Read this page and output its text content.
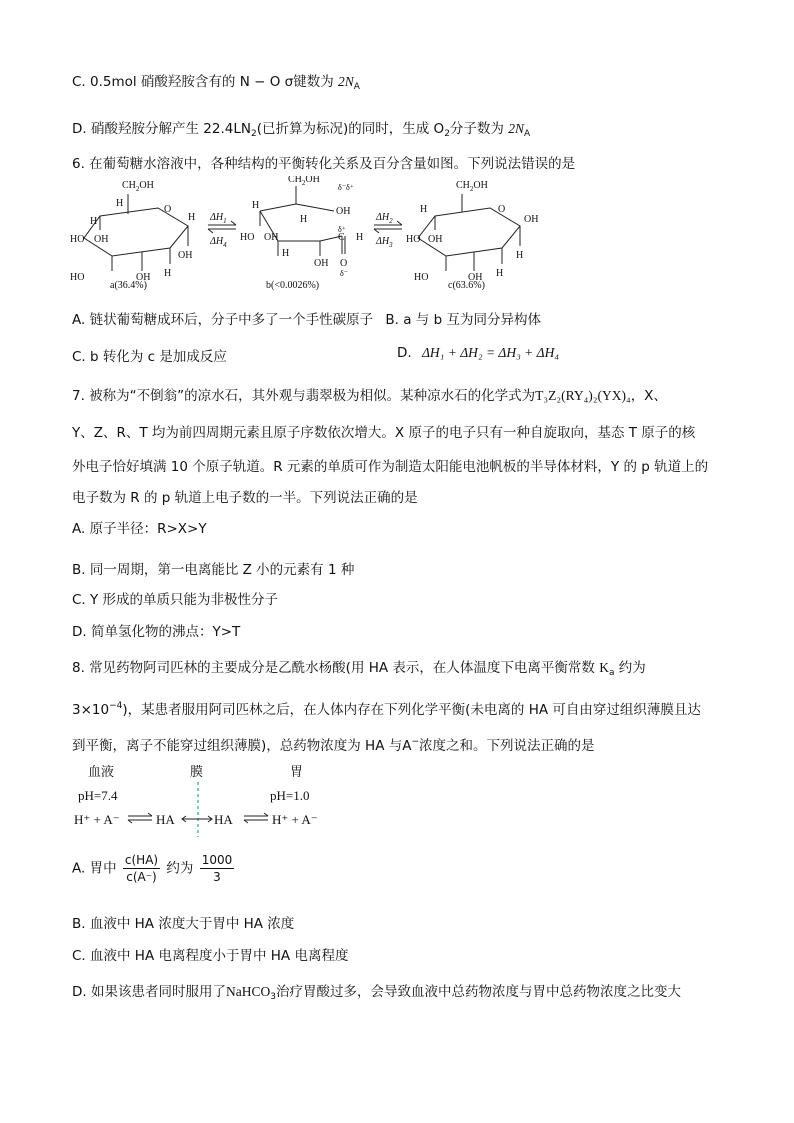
C. 0.5mol 硝酸羟胺含有的 N − O σ键数为 $2N_A$
D. 硝酸羟胺分解产生 $22.4LN_2$(已折算为标况)的同时，生成 $O_2$分子数为 $2N_A$
6. 在葡萄糖水溶液中，各种结构的平衡转化关系及百分含量如图。下列说法错误的是
$CH_2OH$
O
H
HO OH
HO	OH H
OH
H
H
a(36.4%)
$\Delta H_1$
$\Delta H_4$
$\Delta H_2$
$\Delta H_3$
$CH_2OH$
δ⁻δ⁺
OH
H
H
HO OH
H
OH
δ⁺
C H
O
δ⁻
b(<0.0026%)
$CH_2OH$
O
H
HO OH
HO	OH H
H
OH
c(63.6%)
A. 链状葡萄糖成环后，分子中多了一个手性碳原子 B. a 与 b 互为同分异构体
C. b 转化为 c 是加成反应	D. ΔH₁ + ΔH₂ = ΔH₃ + ΔH₄
7. 被称为“不倒翁”的凉水石，其外观与翡翠极为相似。某种凉水石的化学式为T₃Z₂(RY₄)₂(YX)₄，X、
Y、Z、R、T 均为前四周期元素且原子序数依次增大。X 原子的电子只有一种自旋取向，基态 T 原子的核
外电子恰好填满 10 个原子轨道。R 元素的单质可作为制造太阳能电池帆板的半导体材料，Y 的 p 轨道上的
电子数为 R 的 p 轨道上电子数的一半。下列说法正确的是
A. 原子半径：R>X>Y
B. 同一周期，第一电离能比 Z 小的元素有 1 种
C. Y 形成的单质只能为非极性分子
D. 简单氢化物的沸点：Y>T
8. 常见药物阿司匹林的主要成分是乙酰水杨酸(用 HA 表示，在人体温度下电离平衡常数 $K_a$ 约为
$3\times 10^{-4}$)，某患者服用阿司匹林之后，在人体内存在下列化学平衡(未电离的 HA 可自由穿过组织薄膜且达
到平衡，离子不能穿过组织薄膜)，总药物浓度为 HA 与A−浓度之和。下列说法正确的是
血液	膜	胃
pH=7.4	pH=1.0
H⁺ + A⁻	HA	HA	H⁺ + A⁻
A. 胃中 $\frac{c(HA)}{c(A^-)}$ 约为 $\frac{1000}{3}$
B. 血液中 HA 浓度大于胃中 HA 浓度
C. 血液中 HA 电离程度小于胃中 HA 电离程度
D. 如果该患者同时服用了NaHCO$_3$治疗胃酸过多，会导致血液中总药物浓度与胃中总药物浓度之比变大
